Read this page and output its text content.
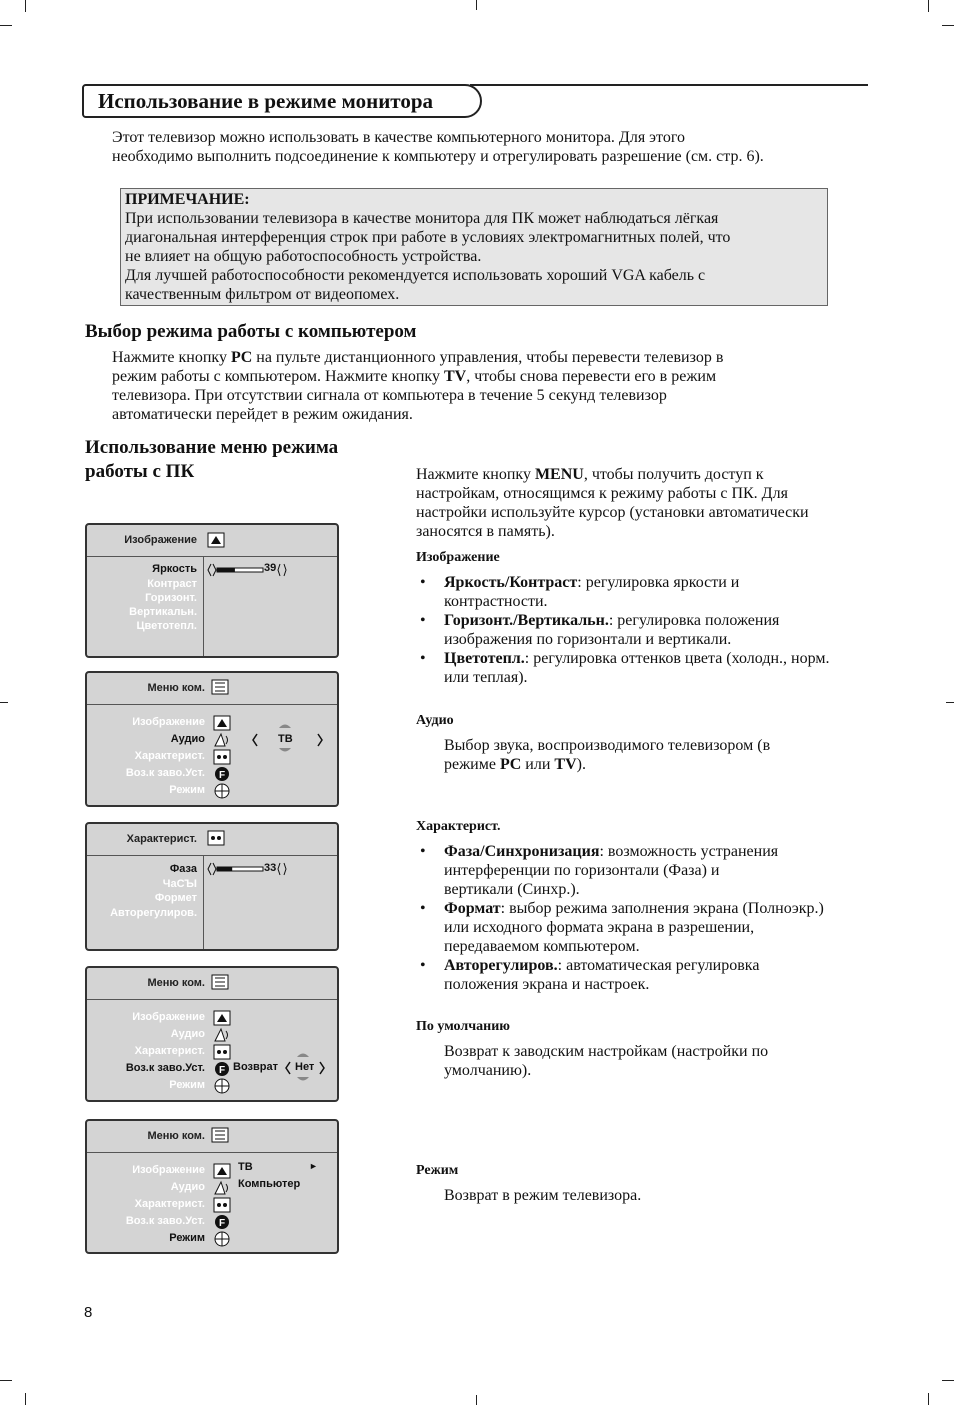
Использование в режиме монитора

Этот телевизор можно использовать в качестве компьютерного монитора. Для этого

необходимо выполнить подсоединение к компьютеру и отрегулировать разрешение (см. стр. 6).

ПРИМЕЧАНИЕ:

При использовании телевизора в качестве монитора для ПК может наблюдаться лёгкая

диагональная интерференция строк при работе в условиях электромагнитных полей, что

не влияет на общую работоспособность устройства.

Для лучшей работоспособности рекомендуется использовать хороший VGA кабель с

качественным фильтром от видеопомех.

Выбор режима работы с компьютером

Нажмите кнопку PC на пульте дистанционного управления, чтобы перевести телевизор в

режим работы с компьютером. Нажмите кнопку TV, чтобы снова перевести его в режим

телевизора. При отсутствии сигнала от компьютера в течение 5 секунд телевизор

автоматически перейдет в режим ожидания.

Использование меню режима
работы с ПК	Нажмите кнопку MENU, чтобы получить доступ к

настройкам, относящимся к режиму работы с ПК. Для

настройки используйте курсор (установки автоматически

заносятся в память).

Изображение

• Яркость/Контраст: регулировка яркости и
контрастности.
• Горизонт./Вертикальн.: регулировка положения
изображения по горизонтали и вертикали.
• Цветотепл.: регулировка оттенков цвета (холодн., норм.
или теплая).

Аудио

Выбор звука, воспроизводимого телевизором (в

режиме PC или TV).

Характерист.

• Фаза/Синхронизация: возможность устранения
интерференции по горизонтали (Фаза) и
вертикали (Синхр.).
• Формат: выбор режима заполнения экрана (Полноэкр.)
или исходного формата экрана в разрешении,
передаваемом компьютером.
• Авторегулиров.: автоматическая регулировка
положения экрана и настроек.

По умолчанию

Возврат к заводским настройкам (настройки по

умолчанию).

Режим

Возврат в режим телевизора.

Изображение
Яркость
Контраст
Горизонт.
Вертикальн.
Цветотепл.
39
Меню ком.
Изображение
Аудио
Характерист.
Воз.к заво.Уст.
Режим
F
ТВ
Характерист.
Фаза
ЧаСЪI
Формет
Авторегулиров.
33
Меню ком.
Изображение
Аудио
Характерист.
Воз.к заво.Уст.
Режим
F Возврат Нет
Меню ком.
Изображение
Аудио
Характерист.
Воз.к заво.Уст.
Режим
F
ТВ	►
Компьютер
8
